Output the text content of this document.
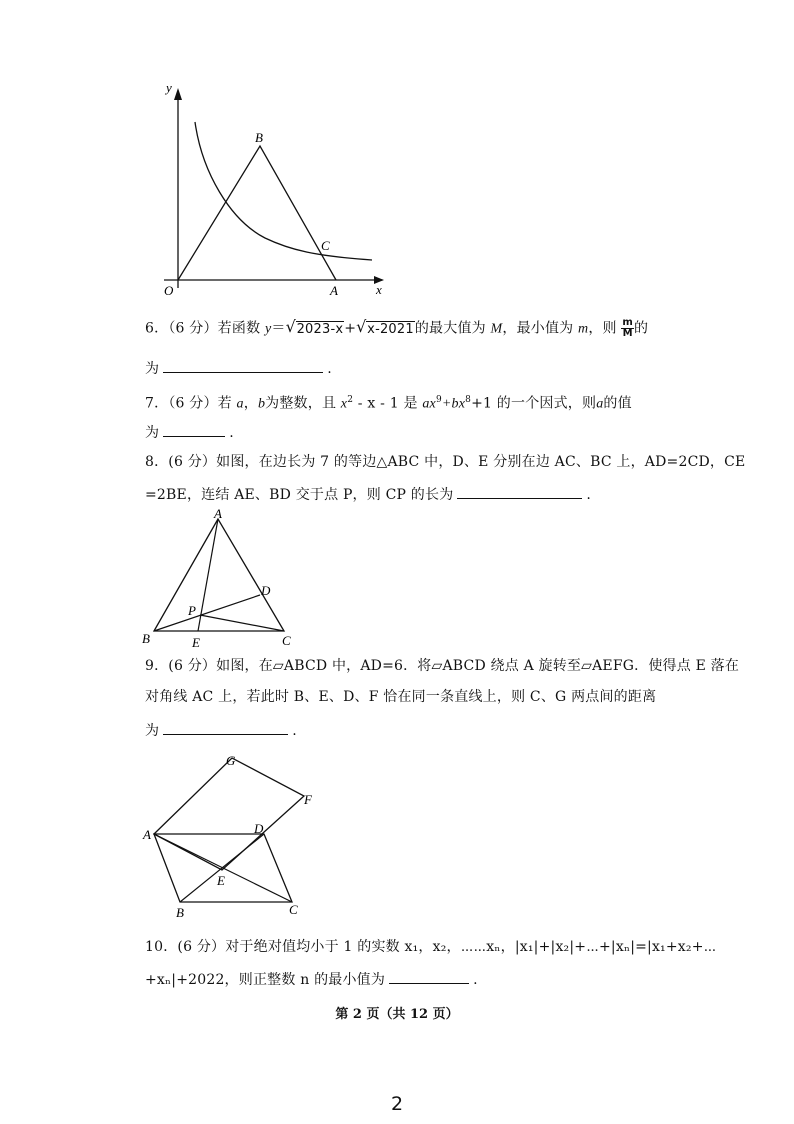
y
x
O	A
B
C
6．（6 分）若函数 y＝ √ 2023-x+ √ x-2021的最大值为 M，最小值为 m，则 $\frac{m}{M}$ 的
为	.
7．（6 分）若 a，b为整数，且 $x^2$ - x - 1 是 $ax^9+bx^8+1$ 的一个因式，则a的值
为	.
8．(6 分）如图，在边长为 7 的等边△ABC 中，D、E 分别在边 AC、BC 上，AD=2CD，CE
=2BE，连结 AE、BD 交于点 P，则 CP 的长为	.
A
B	C
D
E
P
9．(6 分）如图，在▱ABCD 中，AD=6．将▱ABCD 绕点 A 旋转至▱AEFG．使得点 E 落在
对角线 AC 上，若此时 B、E、D、F 恰在同一条直线上，则 C、G 两点间的距离
为	.
A
B	C
D
E
F
G
10．(6 分）对于绝对值均小于 1 的实数 x₁，x₂，⋯⋯xₙ，|x₁|+|x₂|+⋯+|xₙ|=|x₁+x₂+⋯
+xₙ|+2022，则正整数 n 的最小值为	.
第 2 页（共 12 页）
2
